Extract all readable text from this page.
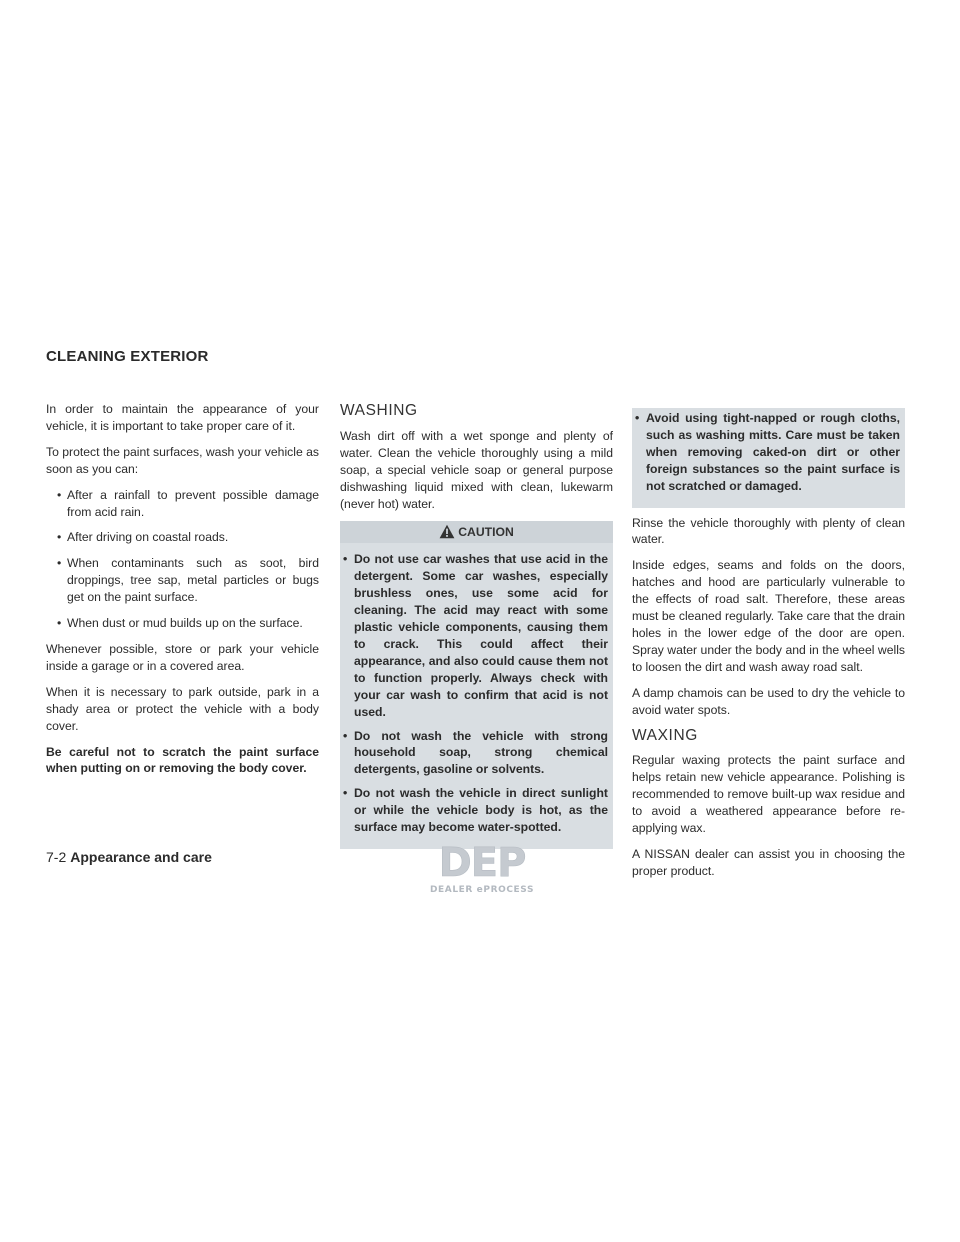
CLEANING EXTERIOR

In order to maintain the appearance of your vehicle, it is important to take proper care of it.

To protect the paint surfaces, wash your vehicle as soon as you can:

• After a rainfall to prevent possible damage from acid rain.
• After driving on coastal roads.
• When contaminants such as soot, bird droppings, tree sap, metal particles or bugs get on the paint surface.
• When dust or mud builds up on the surface.

Whenever possible, store or park your vehicle inside a garage or in a covered area.

When it is necessary to park outside, park in a shady area or protect the vehicle with a body cover.

Be careful not to scratch the paint surface when putting on or removing the body cover.

WASHING

Wash dirt off with a wet sponge and plenty of water. Clean the vehicle thoroughly using a mild soap, a special vehicle soap or general purpose dishwashing liquid mixed with clean, lukewarm (never hot) water.

CAUTION
• Do not use car washes that use acid in the detergent. Some car washes, especially brushless ones, use some acid for cleaning. The acid may react with some plastic vehicle components, causing them to crack. This could affect their appearance, and also could cause them not to function properly. Always check with your car wash to confirm that acid is not used.
• Do not wash the vehicle with strong household soap, strong chemical detergents, gasoline or solvents.
• Do not wash the vehicle in direct sunlight or while the vehicle body is hot, as the surface may become water-spotted.
• Avoid using tight-napped or rough cloths, such as washing mitts. Care must be taken when removing caked-on dirt or other foreign substances so the paint surface is not scratched or damaged.

Rinse the vehicle thoroughly with plenty of clean water.

Inside edges, seams and folds on the doors, hatches and hood are particularly vulnerable to the effects of road salt. Therefore, these areas must be cleaned regularly. Take care that the drain holes in the lower edge of the door are open. Spray water under the body and in the wheel wells to loosen the dirt and wash away road salt.

A damp chamois can be used to dry the vehicle to avoid water spots.

WAXING

Regular waxing protects the paint surface and helps retain new vehicle appearance. Polishing is recommended to remove built-up wax residue and to avoid a weathered appearance before re-applying wax.

A NISSAN dealer can assist you in choosing the proper product.

7-2 Appearance and care	DEP
DEALER ePROCESS
